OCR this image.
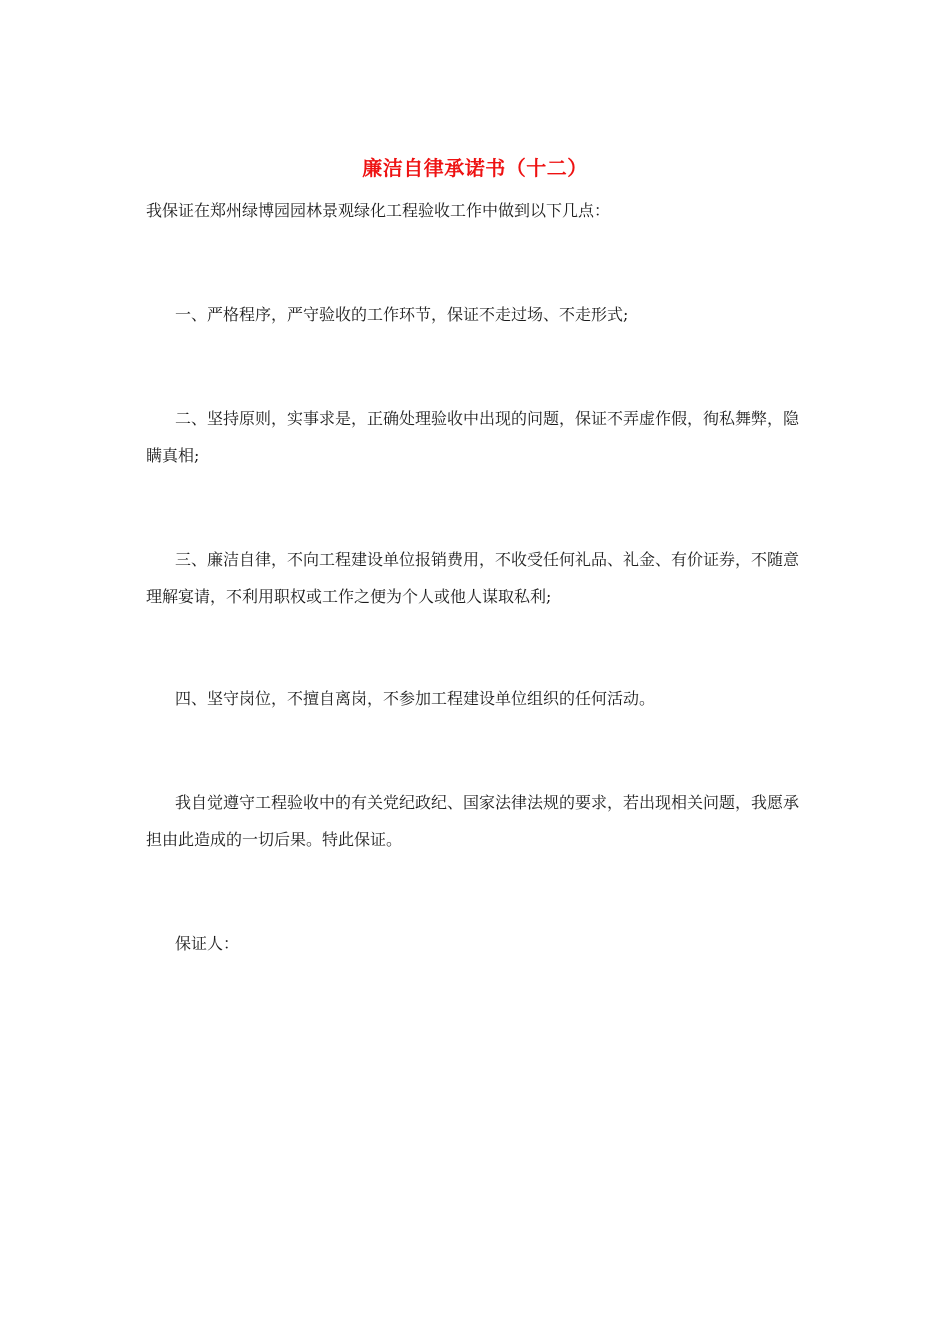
廉洁自律承诺书（十二）

我保证在郑州绿博园园林景观绿化工程验收工作中做到以下几点：

一、严格程序，严守验收的工作环节，保证不走过场、不走形式;

二、坚持原则，实事求是，正确处理验收中出现的问题，保证不弄虚作假，徇私舞弊，隐瞒真相;

三、廉洁自律，不向工程建设单位报销费用，不收受任何礼品、礼金、有价证券，不随意理解宴请，不利用职权或工作之便为个人或他人谋取私利;

四、坚守岗位，不擅自离岗，不参加工程建设单位组织的任何活动。

我自觉遵守工程验收中的有关党纪政纪、国家法律法规的要求，若出现相关问题，我愿承担由此造成的一切后果。特此保证。

保证人：
